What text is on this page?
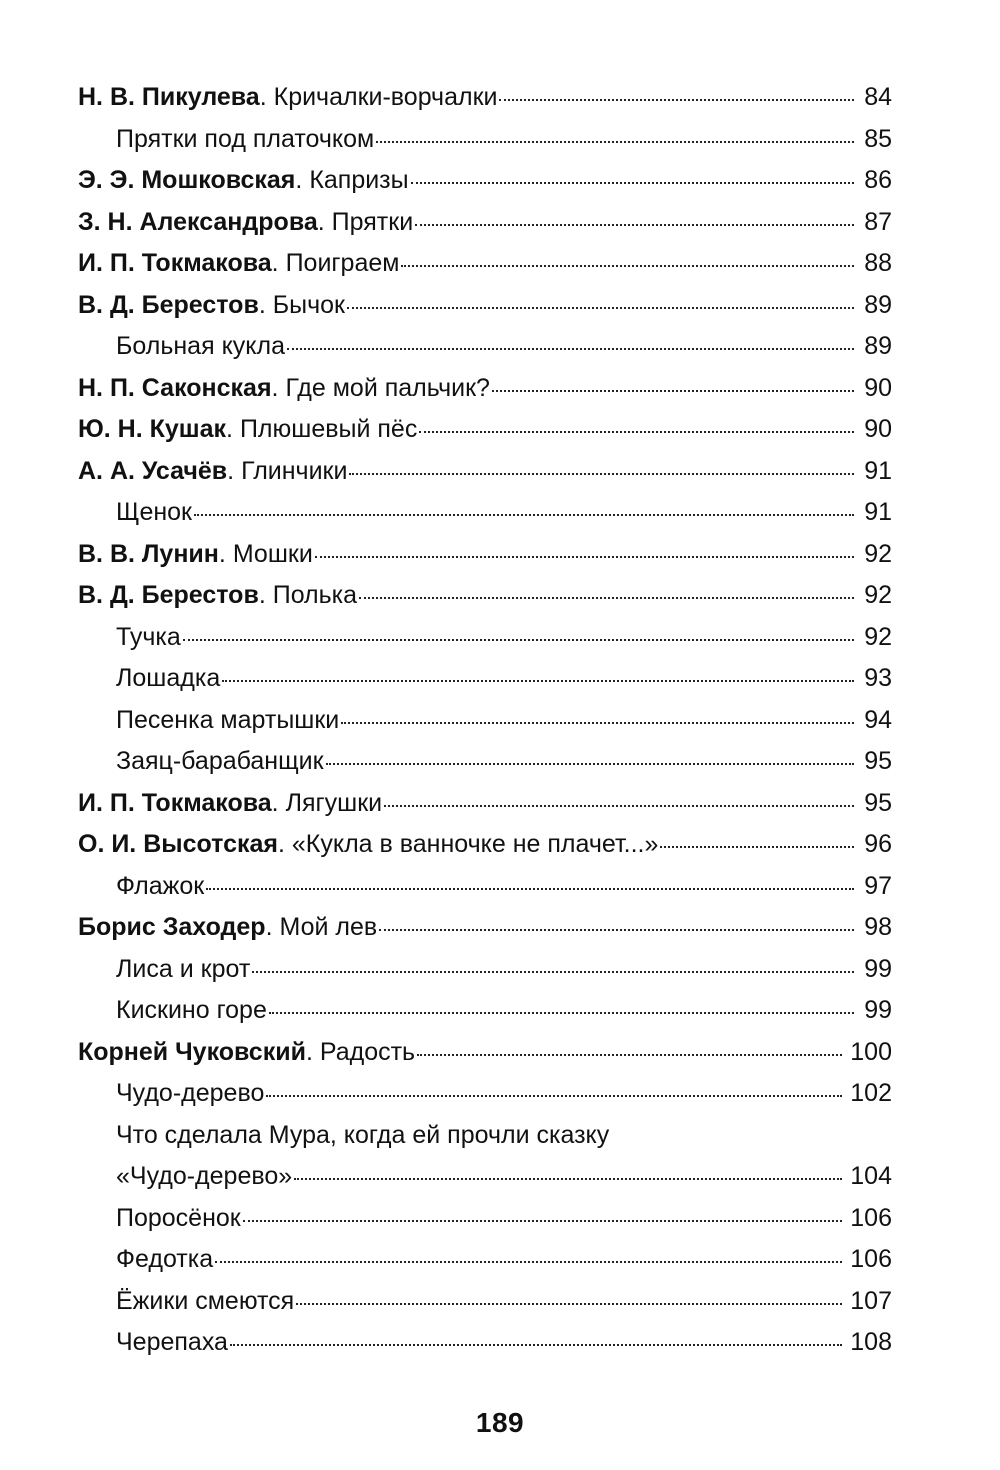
Н. В. Пикулева . Кричалки-ворчалки	84
Прятки под платочком	85
Э. Э. Мошковская . Капризы	86
З. Н. Александрова . Прятки	87
И. П. Токмакова . Поиграем	88
В. Д. Берестов . Бычок	89
Больная кукла	89
Н. П. Саконская . Где мой пальчик?	90
Ю. Н. Кушак . Плюшевый пёс	90
А. А. Усачёв . Глинчики	91
Щенок	91
В. В. Лунин . Мошки	92
В. Д. Берестов . Полька	92
Тучка	92
Лошадка	93
Песенка мартышки	94
Заяц-барабанщик	95
И. П. Токмакова . Лягушки	95
О. И. Высотская . «Кукла в ванночке не плачет...»	96
Флажок	97
Борис Заходер . Мой лев	98
Лиса и крот	99
Кискино горе	99
Корней Чуковский . Радость	100
Чудо-дерево	102
Что сделала Мура, когда ей прочли сказку
«Чудо-дерево»	104
Поросёнок	106
Федотка	106
Ёжики смеются	107
Черепаха	108
189
